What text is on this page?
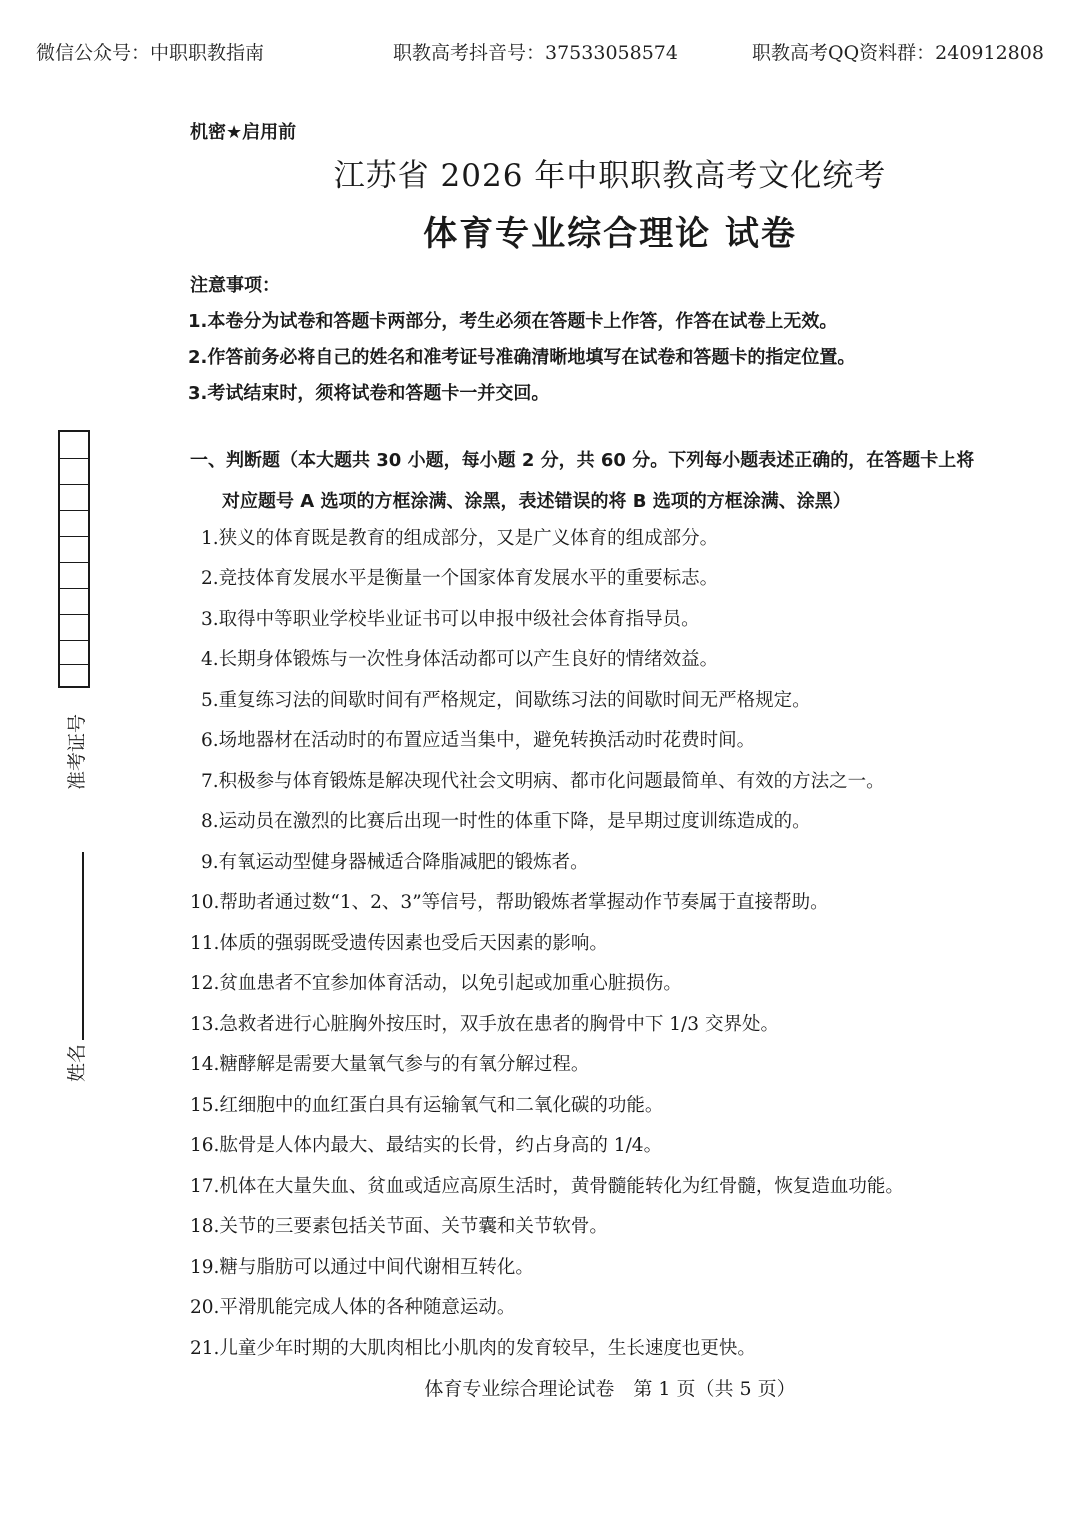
微信公众号：中职职教指南	职教高考抖音号：37533058574	职教高考QQ资料群：240912808
机密★启用前
江苏省 2026 年中职职教高考文化统考
体育专业综合理论 试卷
注意事项：
1.本卷分为试卷和答题卡两部分，考生必须在答题卡上作答，作答在试卷上无效。
2.作答前务必将自己的姓名和准考证号准确清晰地填写在试卷和答题卡的指定位置。
3.考试结束时，须将试卷和答题卡一并交回。
一、判断题（本大题共 30 小题，每小题 2 分，共 60 分。下列每小题表述正确的，在答题卡上将
对应题号 A 选项的方框涂满、涂黑，表述错误的将 B 选项的方框涂满、涂黑）
1.狭义的体育既是教育的组成部分，又是广义体育的组成部分。
2.竞技体育发展水平是衡量一个国家体育发展水平的重要标志。
3.取得中等职业学校毕业证书可以申报中级社会体育指导员。
4.长期身体锻炼与一次性身体活动都可以产生良好的情绪效益。
5.重复练习法的间歇时间有严格规定，间歇练习法的间歇时间无严格规定。
6.场地器材在活动时的布置应适当集中，避免转换活动时花费时间。
7.积极参与体育锻炼是解决现代社会文明病、都市化问题最简单、有效的方法之一。
8.运动员在激烈的比赛后出现一时性的体重下降，是早期过度训练造成的。
9.有氧运动型健身器械适合降脂减肥的锻炼者。
10.帮助者通过数“1、2、3”等信号，帮助锻炼者掌握动作节奏属于直接帮助。
11.体质的强弱既受遗传因素也受后天因素的影响。
12.贫血患者不宜参加体育活动，以免引起或加重心脏损伤。
13.急救者进行心脏胸外按压时，双手放在患者的胸骨中下 1/3 交界处。
14.糖酵解是需要大量氧气参与的有氧分解过程。
15.红细胞中的血红蛋白具有运输氧气和二氧化碳的功能。
16.肱骨是人体内最大、最结实的长骨，约占身高的 1/4。
17.机体在大量失血、贫血或适应高原生活时，黄骨髓能转化为红骨髓，恢复造血功能。
18.关节的三要素包括关节面、关节囊和关节软骨。
19.糖与脂肪可以通过中间代谢相互转化。
20.平滑肌能完成人体的各种随意运动。
21.儿童少年时期的大肌肉相比小肌肉的发育较早，生长速度也更快。
准考证号
姓名
体育专业综合理论试卷　第 1 页（共 5 页）
